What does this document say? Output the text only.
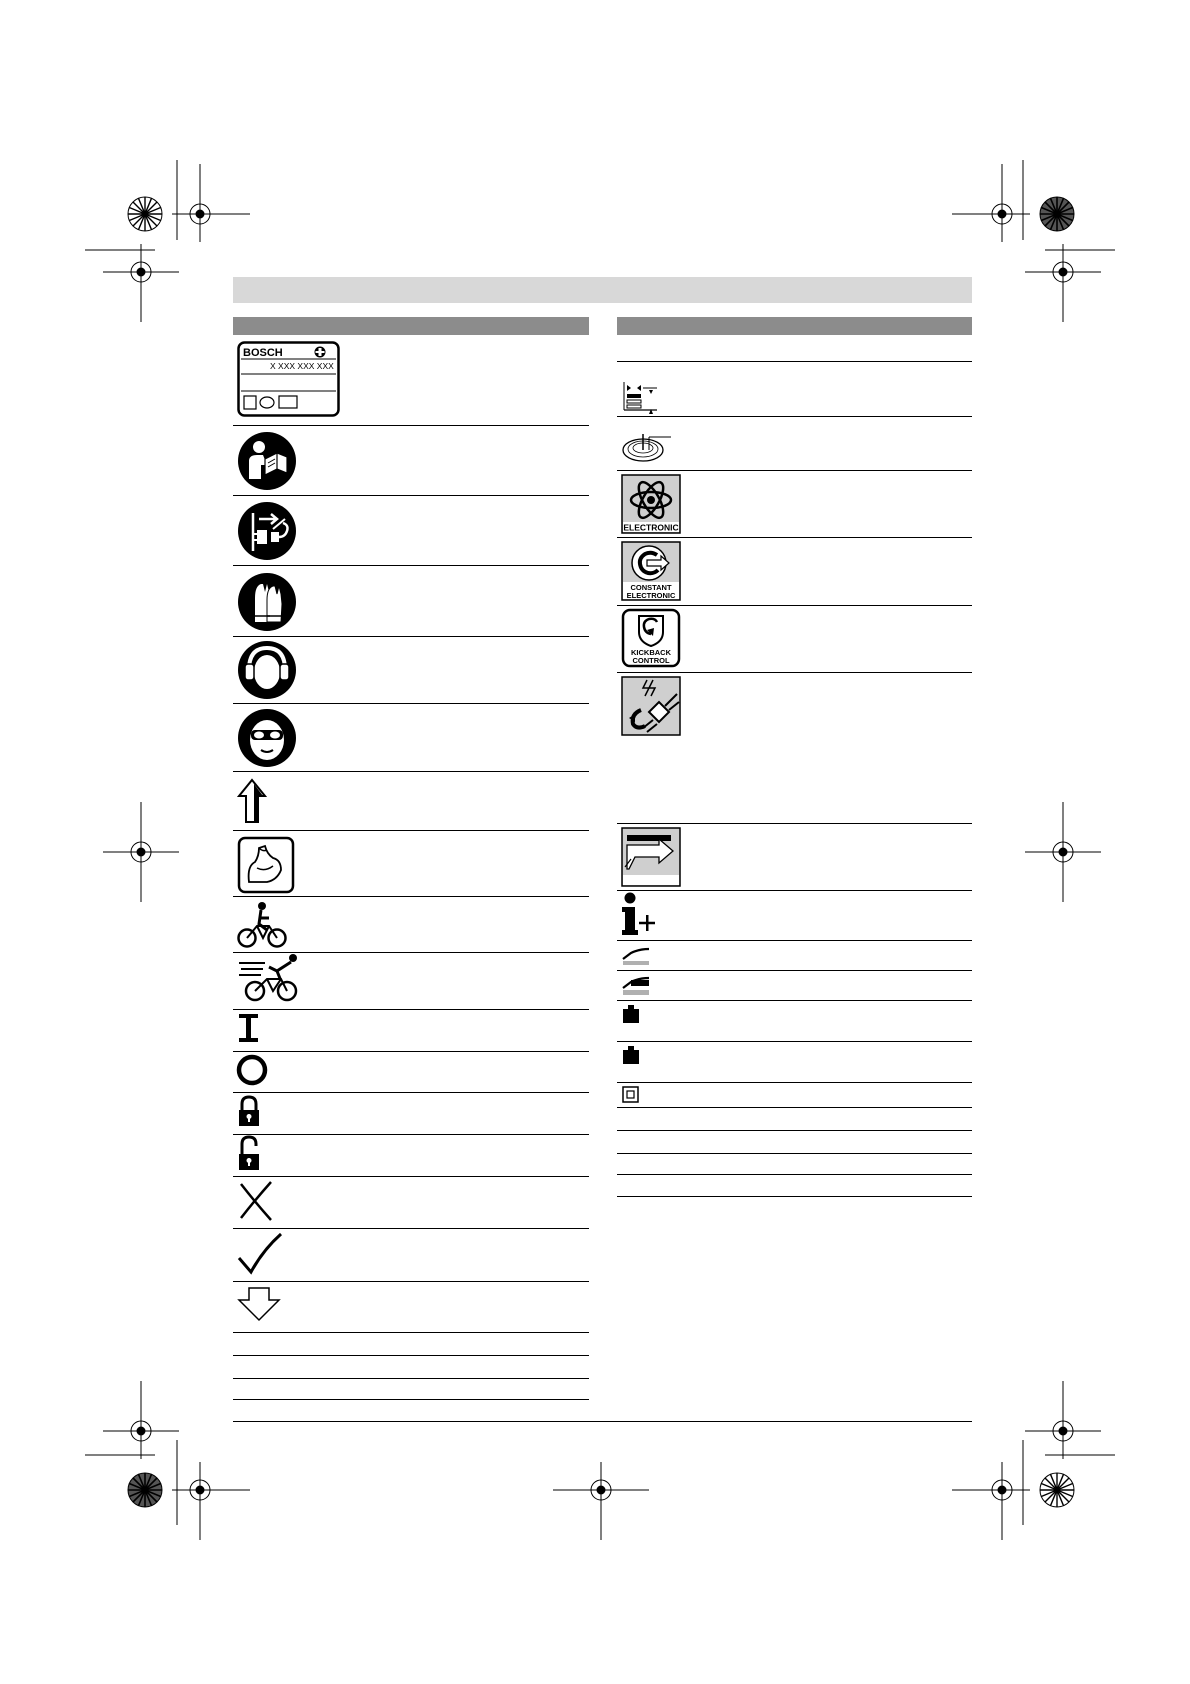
BOSCH
X XXX XXX XXX
ELECTRONIC
CONSTANT
ELECTRONIC
KICKBACK
CONTROL
